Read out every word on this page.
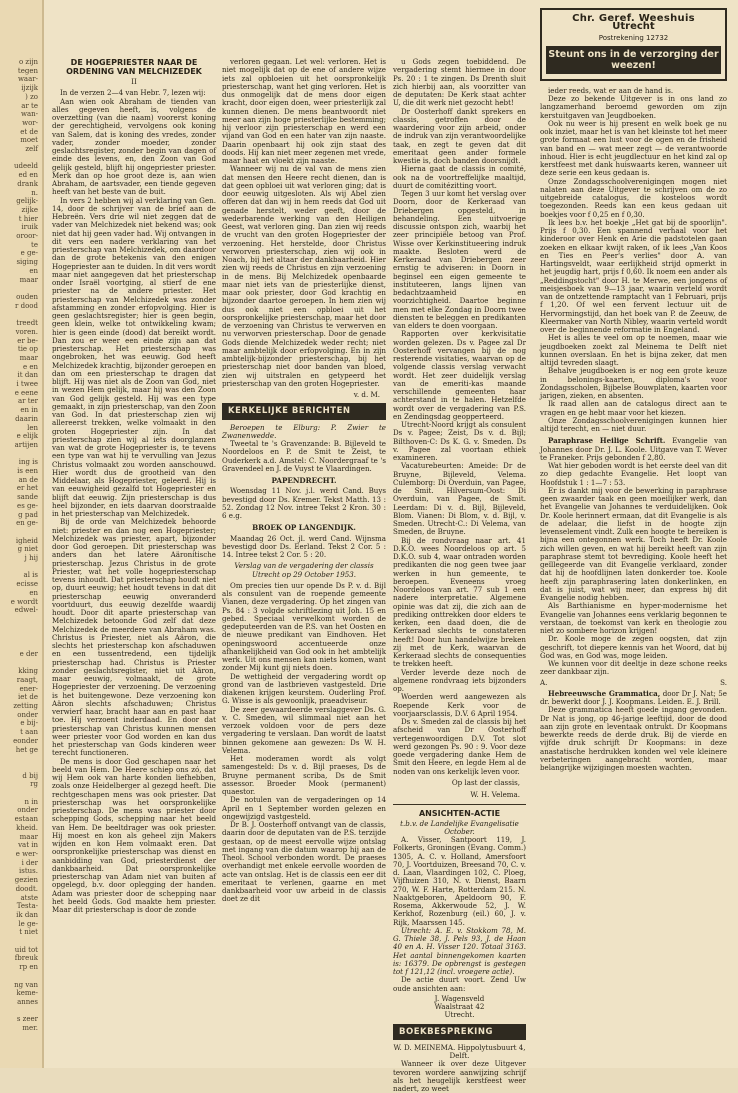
o zijn
tegen
waar-
ijzijk
) zo
ar te
wan-
wor-
et de
moet
zelf

udeeld
ed en
drank
n.
gelijk-
zijke
t hier
iruik
oroor-
te
e ge-
siging
en
maar

ouden
r dood

treedt
voren.
er be-
tie op
maar
e en
it dan
i twee
e eene
ar ter
en in
daarin
len
e elijk
artijen

ing is
is een
an de
er het
sande
es ge-
g pad
en ge-

igheid
g niet
j hij

al is
ecisse
en
e wordt
edwel-

e der

kking
raagt,
ener-
iet de
zetting
onder
e bij-
t aan
eonder
het ge

d bij
rg

n in
onder
estaan
kheid.
maar
vat in
e wer-
i der
istus.
gezien
doodt.
atste
Testa-
ik dan
le ge-
t niet

uid tot
fbreuk
rp en

ng van
keme-
annes

s zeer
mer.
DE HOGEPRIESTER NAAR DE ORDENING VAN MELCHIZEDEK
II

In de verzen 2—4 van Hebr. 7, lezen wij:

Aan wien ook Abraham de tienden van alles gegeven heeft, is, volgens de overzetting (van die naam) voorerst koning der gerechtigheid, vervolgens ook koning van Salem, dat is koning des vredes, zonder vader, zonder moeder, zonder geslachtsregister, zonder begin van dagen of einde des levens, en, den Zoon van God gelijk gesteld, blijft hij ongepriester priester. Merk dan op hoe groot deze is, aan wien Abraham, de aartsvader, een tiende gegeven heeft van het beste van de buit.

In vers 2 hebben wij al verklaring van Gen. 14, door de schrijver van de brief aan de Hebreën. Vers drie wil niet zeggen dat de vader van Melchizedek niet bekend was; ook niet dat hij geen vader had. Wij ontvangen in dit vers een nadere verklaring van het priesterschap van Melchizedek, om daardoor dan de grote betekenis van den enigen Hogepriester aan te duiden. In dit vers wordt maar niet aangegeven dat het priesterschap onder Israël voortging, al stierf de ene priester na de andere priester. Het priesterschap van Melchizedek was zonder afstamming en zonder erfopvolging. Hier is geen geslachtsregister; hier is geen begin, geen klein, welke tot ontwikkeling kwam; hier is geen einde (dood) dat bereikt wordt. Dan zou er weer een einde zijn aan dat priesterschap. Het priesterschap was ongebroken, het was eeuwig. God heeft Melchizedek krachtig, bijzonder geroepen en dan om een priesterschap te dragen dat blijft. Hij was niet als de Zoon van God, niet in wezen Hem gelijk, maar hij was den Zoon van God gelijk gesteld. Hij was een type gemaakt, in zijn priesterschap, van den Zoon van God. In dat priesterschap zien wij allereerst trekken, welke volmaakt in den groten Hogepriester zijn. In dat priesterschap zien wij al iets doorglanzen van wat de grote Hogepriester is, te tevens een type van wat hij te vervulling van Jezus Christus volmaakt zou worden aanschouwd. Hier wordt dus de grootheid van den Middelaar, als Hogepriester, geleerd. Hij is van eeuwigheid gezalfd tot Hogepriester en blijft dat eeuwig. Zijn priesterschap is dus heel bijzonder, en iets daarvan doorstraalde in het priesterschap van Melchizedek.

Bij de orde van Melchizedek behoorde niet: priester en dan nog een Hogepriester; Melchizedek was priester, apart, bijzonder door God geroepen. Dit priesterschap was anders dan het latere Aäronitische priesterschap. Jezus Christus in de grote Priester, wat het volle hogepriesterschap tevens inhoudt. Dat priesterschap houdt niet op, duurt eeuwig; het houdt tevens in dat dit priesterschap eeuwig onveranderd voortduurt, dus eeuwig dezelfde waardij houdt. Door dit aparte priesterschap van Melchizedek betoonde God zelf dat deze Melchizedek de meerdere van Abraham was. Christus is Priester, niet als Aäron, die slechts het priesterschap kon afschaduwen en een tussentredend, een tijdelijk priesterschap had. Christus is Priester zonder geslachtsregister, niet uit Aäron, maar eeuwig, volmaakt, de grote Hogepriester der verzoening. De verzoening is het buitengewone. Deze verzoening kon Aäron slechts afschaduwen; Christus verwierf haar, bracht haar aan en past haar toe. Hij verzoent inderdaad. En door dat priesterschap van Christus kunnen mensen weer priester voor God worden en kan dus het priesterschap van Gods kinderen weer terecht functioneren.

De mens is door God geschapen naar het beeld van Hem. De Heere schiep ons zó, dat wij Hem ook van harte konden liefhebben, zoals onze Heidelberger al gezegd heeft. Die rechtgeschapen mens was ook priester. Dat priesterschap was het oorspronkelijke priesterschap. De mens was priester door schepping Gods, schepping naar het beeld van Hem. De beeltdrager was ook priester. Hij moest en kon als geheel zijn Makers wijden en kon Hem volmaakt eren. Dat oorspronkelijke priesterschap was dienst en aanbidding van God, priesterdienst der dankbaarheid. Dat oorspronkelijke priesterschap van Adam niet van buiten af opgelegd, b.v. door oplegging der handen. Adam was priester door de schepping naar het beeld Gods. God maakte hem priester. Maar dit priesterschap is door de zonde

verloren gegaan. Let wel: verloren. Het is niet mogelijk dat op de ene of andere wijze iets zal opbloeien uit het oorspronkelijk priesterschap, want het ging verloren. Het is dus onmogelijk dat de mens door eigen kracht, door eigen doen, weer priesterlijk zal kunnen dienen. De mens beantwoordt niet meer aan zijn hoge priesterlijke bestemming; hij verloor zijn priesterschap en werd een vijand van God en een hater van zijn naaste. Daarin openbaart hij ook zijn staat des doods. Hij kan niet meer zegenen met vrede, maar haat en vloekt zijn naaste.

Wanneer wij nu de val van de mens zien dat mensen den Heere recht dienen, dan is dat geen opbloei uit wat verloren ging; dat is door eeuwig uitgesloten. Als wij Abel zien offeren dat dan wij in hem reeds dat God uit genade herstelt, weder geeft, door de wederbarende werking van den Heiligen Geest, wat verloren ging. Dan zien wij reeds de vrucht van den groten Hogepriester der verzoening. Het herstelde, door Christus verworven priesterschap, zien wij ook in Noach, bij het altaar der dankbaarheid. Hier zien wij reeds de Christus en zijn verzoening in de mens. Bij Melchizedek openbaarde maar niet iets van de priesterlijke dienst, maar ook priester, door God krachtig en bijzonder daartoe geroepen. In hem zien wij dus ook niet een opbloei uit het oorspronkelijke priesterschap, maar het door de verzoening van Christus te verwerven en nu verworven priesterschap. Door de genade Gods diende Melchizedek weder recht; niet maar ambtelijk door erfopvolging. En in zijn ambtelijk-bijzonder priesterschap, bij het priesterschap niet door banden van bloed, zien wij uitstralen en getypeerd het priesterschap van den groten Hogepriester.

v. d. M.
KERKELIJKE BERICHTEN

Beroepen te Elburg: P. Zwier te Zwanenwedde.

Tweetal te 's Gravenzande: B. Bijleveld te Noordeloos en P. de Smit te Zeist, te Ouderkerk a.d. Amstel: C. Noordergraaf te 's Gravendeel en J. de Vuyst te Vlaardingen.

PAPENDRECHT.

Woensdag 11 Nov. j.l. werd Cand. Buys bevestigd door Ds. Kremer. Tekst Matth. 13 : 52. Zondag 12 Nov. intree Tekst 2 Kron. 30 : 6 e.g.

BROEK OP LANGENDIJK.

Maandag 26 Oct. jl. werd Cand. Wijnsma bevestigd door Ds. Eerland. Tekst 2 Cor. 5 : 14. Intree tekst 2 Cor. 5 : 20.

Verslag van de vergadering der classis Utrecht op 29 October 1953.

Om precies tien uur opende Ds P. v. d. Bijl als consulent van de roepende gemeente Vianen, deze vergadering. Op het zingen van Ps. 84 : 3 volgde schriftlezing uit Joh. 15 en gebed. Speciaal verwelkomt worden de gedeputeerden van de P.S. van het Oosten en de nieuwe predikant van Eindhoven. Het openingswoord accentueerde onze afhankelijkheid van God ook in het ambtelijk werk. Uit ons mensen kan niets komen, want zonder Mij kunt gij niets doen.

De wettigheid der vergadering wordt op grond van de lastbrieven vastgesteld. Drie diakenen krijgen keurstem. Ouderling Prof. G. Wisse is als gewoonlijk, praeadviseur.

De zeer gewaardeerde verslaggever Ds. G. v. C. Smeden, wil slimmaal niet aan het verzoek voldoen voor de pers deze vergadering te verslaan. Dan wordt de laatst binnen gekomene aan gewezen: Ds W. H. Velema.

Het moderamen wordt als volgt samengesteld: Ds v. d. Bijl praeses, Ds de Bruyne permanent scriba, Ds de Smit assessor. Broeder Mook (permanent) quaestor.

De notulen van de vergaderingen op 14 April en 1 September worden gelezen en ongewijzigd vastgesteld.

Dr B. J. Oosterhoff ontvangt van de classis, daarin door de deputaten van de P.S. terzijde gestaan, op de meest eervolle wijze ontslag met ingang van die datum waarop hij aan de Theol. School verbonden wordt. De praeses overhandigt met enkele eervolle woorden de acte van ontslag. Het is de classis een eer dit emeritaat te verlenen, gaarne en met dankbaarheid voor uw arbeid in de classis doet ze dit

u Gods zegen toebiddend. De vergadering stemt hiermee in door Ps. 20 : 1 te zingen. Ds Drenth sluit zich hierbij aan, als voorzitter van de deputaten: De Kerk staat achter U, die dit werk niet gezocht hebt!

Dr Oosterhoff dankt sprekers en classis, getroffen door de waardering voor zijn arbeid, onder de indruk van zijn verantwoordelijke taak, en zegt te geven dat dit emeritaat geen ander formele kwestie is, doch banden doorsnijdt.

Hierna gaat de classis in comité, ook na de voortreffelijke maaltijd, duurt de comitézitting voort.

Tegen 3 uur komt het verslag over Doorn, door de Kerkeraad van Driebergen opgesteld, in behandeling. Een uitvoerige discussie ontspon zich, waarbij het zeer principiële betoog van Prof. Wisse over Kerkinstitueering indruk maakte. Besloten werd de Kerkeraad van Driebergen zeer ernstig te adviseren: in Doorn in beginsel een eigen gemeente te instituteeren, langs lijnen van bedachtzaamheid en voorzichtigheid. Daartoe beginne men met elke Zondag in Doorn twee diensten te beleggen en predikanten van elders te doen voorgaan.

Rapporten over kerkvisitatie worden gelezen. Ds v. Pagee zal Dr Oosterhoff vervangen bij de nog resterende visitaties, waarvan op de volgende classis verslag verwacht wordt. Het zeer duidelijk verslag van de emeriti-kas maande verschillende gemeenten haar achterstand in te halen. Hetzelfde wordt over de vergadering van P.S. en Zendingsdag geopperteerd.

Utrecht-Noord krijgt als consulent Ds v. Pagee; Zeist, Ds v. d. Bijl; Bilthoven-C: Ds K. G. v. Smeden. Ds v. Pagee zal voortaan ethiek examineren.

Vacaturebeurten: Ameide: Dr de Bruyne, Bijleveld, Velema. Culemborg: Di Overduin, van Pagee, de Smit. Hilversum-Oost: Di Overduin, van Pagee, de Smit. Leerdam: Di v. d. Bijl, Bijleveld, Blom. Vianen: Di Blom, v. d. Bijl, v. Smeden. Utrecht-C.: Di Velema, van Smeden, de Bruyne.

Bij de rondvraag naar art. 41 D.K.O. wees Noordeloos op art. 5 D.K.O. sub 4, waar ontraden worden predikanten die nog geen twee jaar werken in hun gemeente, te beroepen. Eveneens vroeg Noordeloos van art. 77 sub 1 een nadere interpretatie. Algemene opinie was dat zij, die zich aan de prediking onttrekken door elders te kerken, een daad doen, die de Kerkeraad slechts te constateren heeft! Door hun handelwijze breken zij met de Kerk, waarvan de Kerkeraad slechts de consequenties te trekken heeft.

Verder leverde deze noch de algemene rondvraag iets bijzonders op.

Woerden werd aangewezen als Roepende Kerk voor de voorjaarsclassis, D.V. 6 April 1954.

Ds v. Smeden zal de classis bij het afscheid van Dr Oosterhoff vertegenwoordigen D.V. Tot slot werd gezongen Ps. 90 : 9. Voor deze goede vergadering danke Hem de Smit den Heere, en legde Hem al de noden van ons kerkelijk leven voor.

Op last der classis,
W. H. Velema.
ANSICHTEN-ACTIE
t.b.v. de Landelijke Evangelisatie October.

A. Visser, Santpoort 119, J. Folkerts, Groningen (Evang. Comm.) 1305, A. C. v. Holland, Amersfoort 70, J. Voortduizen, Breesand 70, C. v. d. Laan, Vlaardingen 102, C. Ploeg, Vijfhuizen 310, N. v. Dienst, Baarn 270, W. F. Harte, Rotterdam 215. N. Naaktgeboren, Apeldoorn 90, F. Rosema, Akkerwoude 52, J. W. Kerkhof, Rozenburg (eil.) 60, J. v. Rijk, Maarssen 145.

Utrecht: A. E. v. Stokkom 78, M. G. Thiele 38, J. Pels 93, J. de Haan 40 en A. H. Visser 120. Totaal 3163. Het aantal binnengekomen kaarten is: 16379. De opbrengst is gestegen tot f 121,12 (incl. vroegere actie).

De actie duurt voort. Zend Uw oude ansichten aan:

J. Wagensveld
Waalstraat 42
Utrecht.
BOEKBESPREKING
W. D. MEINEMA. Hippolytusbuurt 4, Delft.

Wanneer ik over deze Uitgever tevoren wordere aanwijzing schrijf als het heugelijk kerstfeest weer nadert, zo weet

Chr. Geref. Weeshuis
Utrecht
Postrekening 12732
Steunt ons in de verzorging der weezen!

ieder reeds, wat er aan de hand is.

Deze zo bekende Uitgever is in ons land zo langzamerhand beroemd geworden om zijn kerstuitgaven van Jeugdboeken.

Ook nu weer is hij present en welk boek ge nu ook inziet, maar het is van het kleinste tot het meer grote formaat een lust voor de ogen en de frisheid van band en — wat meer zegt — de verantwoorde inhoud. Hier is echt jeugdlectuur en het kind zal op kerstfeest met dank huiswaarts keren, wanneer uit deze serie een keus gedaan is.

Onze Zondagsschoolverenigingen mogen niet nalaten aan deze Uitgever te schrijven om de zo uitgebreide catalogus, die kosteloos wordt toegezonden. Reeds kan een keus gedaan uit boekjes voor f 0,25 en f 0,30.

Ik lees b.v. het boekje „Het gat bij de spoorlijn". Prijs f 0,30. Een spannend verhaal voor het kinderoor over Henk en Arie die padstotelen gaan zoeken en elkaar kwijt raken, of ik lees „Van Koos en Ties en Peer's verlies" door A. van Hartingsveldt, waar eerlijkheid strijd opmerkt in het jeugdig hart, prijs f 0,60. Ik noem een ander als „Reddingstocht" door H. te Merwe, een jongens of meisjesboek van 9—13 jaar, waarin verteld wordt van de ontzettende ramptacht van 1 Februari, prijs f 1,20. Of wel een fervent lectuur uit de Hervormingstijd, dan het boek van P. de Zeeuw, de Kleermaker van North Nibley, waarin verteld wordt over de beginnende reformatie in Engeland.

Het is alles te veel om op te noemen, maar wie jeugdboeken zoekt zal Meinema te Delft niet kunnen overslaan. En het is bijna zeker, dat men altijd tevreden slaagt.

Behalve jeugdboeken is er nog een grote keuze in belonings-kaarten, diploma's voor Zondagsscholen, Bijbelse Bouwplaten, kaarten voor jarigen, zieken, en absenten.

Ik raad allen aan de catalogus direct aan te vragen en ge hebt maar voor het kiezen.

Onze Zondagsschoolverenigingen kunnen hier altijd terecht, en — niet duur.

Paraphrase Heilige Schrift. Evangelie van Johannes door Dr. J. L. Koole. Uitgave van T. Wever te Franeker. Prijs gebonden f 2,80.

Wat hier geboden wordt is het eerste deel van dit zo diep gedachte Evangelie. Het loopt van Hoofdstuk 1 : 1—7 : 53.

Er is dankt mij voor de bewerking in paraphrase geen zwaarder taak en geen moeilijker werk, dan het Evangelie van Johannes te verduidelijken. Ook Dr. Koole herinnert ermaan, dat dit Evangelie is als de adelaar, die liefst in de hoogte zijn levenselement vindt. Zulk een hoogte te bereiken is bijna een ontegonnen werk. Toch heeft Dr. Koole zich willen geven, en wat hij bereikt heeft van zijn paraphrase stemt tot bevrediging. Koole heeft het geïllegeerde van dit Evangelie verklaard, zonder dat hij de hoofdlijnen laten donkerder toe. Koole heeft zijn paraphrasering laten donkerlinken, en dat is juist, wat wij meer, dan express bij dit Evangelie nodig hebben.

Als Barthianisme en hyper-modernisme het Evangelie van Johannes eens verklarig begonnen te verstaan, de toekomst van kerk en theologie zou niet zo sombere horizon krijgen!

Dr. Koole moge de zegen oogsten, dat zijn geschrift, tot diepere kennis van het Woord, dat bij God was, en God was, moge leiden.

We kunnen voor dit deeltje in deze schone reeks zeer dankbaar zijn.

A.	S.

Hebreeuwsche Grammatica, door Dr J. Nat; 5e dr. bewerkt door J. J. Koopmans. Leiden. E. J. Brill.

Deze grammatica heeft goede ingang gevonden. Dr Nat is jong, op 46-jarige leeftijd, door de dood aan zijn grote en leventaak ontrukt. Dr Koopmans bewerkte reeds de derde druk. Bij de vierde en vijfde druk schrijft Dr Koopmans: in deze anastatische herdrukken konden wel vele kleinere verbeteringen aangebracht worden, maar belangrijke wijzigingen moesten wachten.
